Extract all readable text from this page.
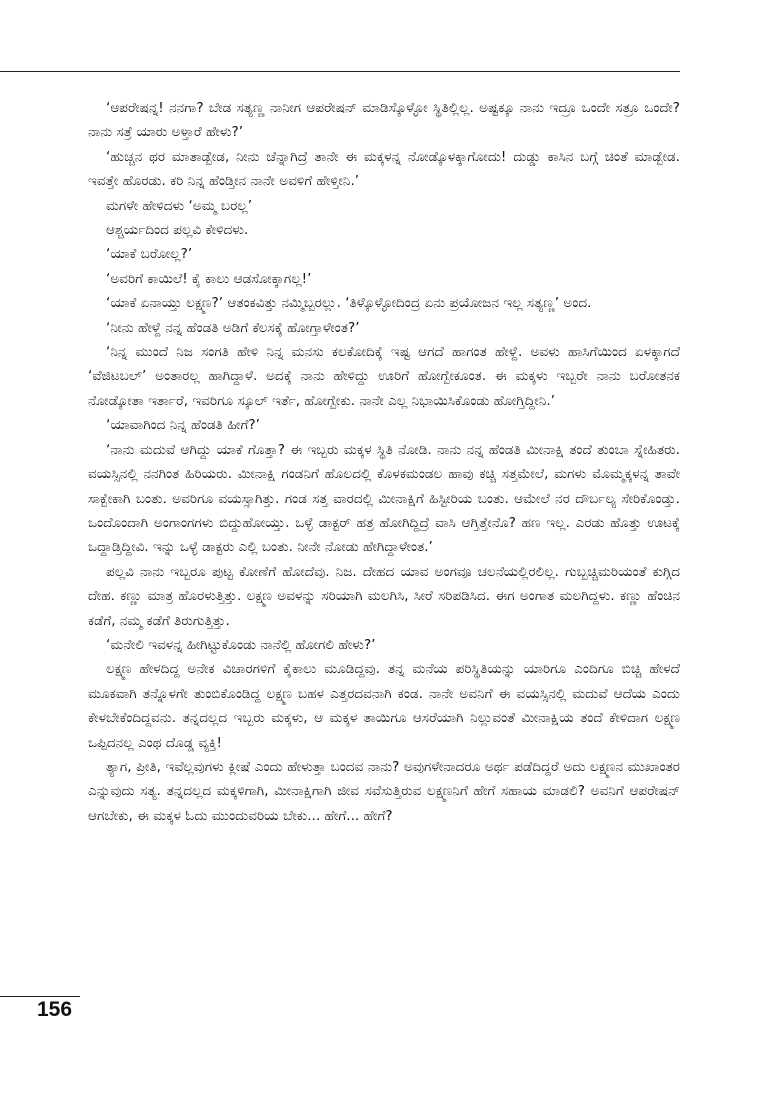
‘ಆಪರೇಷನ್ನ! ನನಗಾ? ಬೇಡ ಸತ್ಯಣ್ಣ ನಾನೀಗ ಆಪರೇಷನ್ ಮಾಡಿಸ್ಕೊಳ್ಳೋ ಸ್ಥಿತಿಲ್ಲಿಲ್ಲ. ಅಷ್ಟಕ್ಕೂ ನಾನು ಇದ್ರೂ ಒಂದೇ ಸತ್ರೂ ಒಂದೇ? ನಾನು ಸತ್ರೆ ಯಾರು ಅಳ್ತಾರೆ ಹೇಳು?’

‘ಹುಚ್ಚನ ಥರ ಮಾತಾಡ್ಬೇಡ, ನೀನು ಚೆನ್ನಾಗಿದ್ರೆ ತಾನೇ ಈ ಮಕ್ಕಳನ್ನ ನೋಡ್ಕೊಳಕ್ಕಾಗೋದು! ದುಡ್ಡು ಕಾಸಿನ ಬಗ್ಗೆ ಚಿಂತೆ ಮಾಡ್ಬೇಡ. ಇವತ್ತೇ ಹೊರಡು. ಕರಿ ನಿನ್ನ ಹೆಂಡ್ತೀನ ನಾನೇ ಅವಳಿಗೆ ಹೇಳ್ತೀನಿ.’

ಮಗಳೇ ಹೇಳಿದಳು ‘ಅಮ್ಮ ಬರಲ್ಲ’

ಆಶ್ಚರ್ಯದಿಂದ ಪಲ್ಲವಿ ಕೇಳಿದಳು.

‘ಯಾಕೆ ಬರೋಲ್ಲ?’

‘ಅವರಿಗೆ ಕಾಯಿಲೆ! ಕೈ ಕಾಲು ಆಡಸೋಕ್ಕಾಗಲ್ಲ!’

‘ಯಾಕೆ ಏನಾಯ್ತು ಲಕ್ಷ್ಮಣ?’ ಆತಂಕವಿತ್ತು ನಮ್ಮಿಬ್ಬರಲ್ಲು. ‘ತಿಳ್ಕೊಳ್ಳೋದಿಂದ್ರ ಏನು ಪ್ರಯೋಜನ ಇಲ್ಲ ಸತ್ಯಣ್ಣ’ ಅಂದ.

‘ನೀನು ಹೇಳ್ದೆ ನನ್ನ ಹೆಂಡತಿ ಅಡಿಗೆ ಕೆಲಸಕ್ಕೆ ಹೋಗ್ತಾಳೇಂತ?’

‘ನಿನ್ನ ಮುಂದೆ ನಿಜ ಸಂಗತಿ ಹೇಳಿ ನಿನ್ನ ಮನಸು ಕಲಕೋದಿಕ್ಕೆ ಇಷ್ಟ ಆಗದೆ ಹಾಗಂತ ಹೇಳ್ದೆ. ಅವಳು ಹಾಸಿಗೆಯಿಂದ ಏಳಕ್ಕಾಗದೆ ‘ವೆಜಿಟಬಲ್’ ಅಂತಾರಲ್ಲ ಹಾಗಿದ್ದಾಳೆ. ಅದಕ್ಕೆ ನಾನು ಹೇಳಿದ್ದು ಊರಿಗೆ ಹೋಗ್ಬೇಕೂಂತ. ಈ ಮಕ್ಕಳು ಇಬ್ಬರೇ ನಾನು ಬರೋತನಕ ನೋಡ್ಕೋತಾ ಇರ್ತಾರೆ, ಇವರಿಗೂ ಸ್ಕೂಲ್ ಇರ್ತೆ, ಹೋಗ್ಬೇಕು. ನಾನೇ ಎಲ್ಲ ನಿಭಾಯಿಸಿಕೊಂಡು ಹೋಗ್ತಿದ್ದೀನಿ.’

‘ಯಾವಾಗಿಂದ ನಿನ್ನ ಹೆಂಡತಿ ಹೀಗೆ?’

‘ನಾನು ಮದುವೆ ಆಗಿದ್ದು ಯಾಕೆ ಗೊತ್ತಾ? ಈ ಇಬ್ಬರು ಮಕ್ಕಳ ಸ್ಥಿತಿ ನೋಡಿ. ನಾನು ನನ್ನ ಹೆಂಡತಿ ಮೀನಾಕ್ಷಿ ತಂದೆ ತುಂಬಾ ಸ್ನೇಹಿತರು. ವಯಸ್ಸಿನಲ್ಲಿ ನನಗಿಂತ ಹಿರಿಯರು. ಮೀನಾಕ್ಷಿ ಗಂಡನಿಗೆ ಹೊಲದಲ್ಲಿ ಕೊಳಕಮಂಡಲ ಹಾವು ಕಚ್ಚಿ ಸತ್ತಮೇಲೆ, ಮಗಳು ಮೊಮ್ಮಕ್ಕಳನ್ನ ತಾವೇ ಸಾಕ್ಬೇಕಾಗಿ ಬಂತು. ಅವರಿಗೂ ವಯಸ್ಸಾಗಿತ್ತು. ಗಂಡ ಸತ್ತ ವಾರದಲ್ಲಿ ಮೀನಾಕ್ಷಿಗೆ ಹಿಸ್ಟೀರಿಯ ಬಂತು. ಆಮೇಲೆ ನರ ದೌರ್ಬಲ್ಯ ಸೇರಿಕೊಂಡ್ತು. ಒಂದೊಂದಾಗಿ ಅಂಗಾಂಗಗಳು ಬಿದ್ದುಹೋಯ್ತು. ಒಳ್ಳೆ ಡಾಕ್ಟರ್ ಹತ್ರ ಹೋಗಿದ್ದಿದ್ರೆ ವಾಸಿ ಆಗ್ತಿತ್ತೇನೊ? ಹಣ ಇಲ್ಲ. ಎರಡು ಹೊತ್ತು ಊಟಕ್ಕೆ ಒದ್ದಾಡ್ತಿದ್ದೀವಿ. ಇನ್ನು ಒಳ್ಳೆ ಡಾಕ್ಟರು ಎಲ್ಲಿ ಬಂತು. ನೀನೇ ನೋಡು ಹೇಗಿದ್ದಾಳೇಂತ.’

ಪಲ್ಲವಿ ನಾನು ಇಬ್ಬರೂ ಪುಟ್ಟ ಕೋಣೆಗೆ ಹೋದೆವು. ನಿಜ. ದೇಹದ ಯಾವ ಅಂಗವೂ ಚಲನೆಯಲ್ಲಿರಲಿಲ್ಲ. ಗುಬ್ಬಚ್ಚಿಮರಿಯಂತೆ ಕುಗ್ಗಿದ ದೇಹ. ಕಣ್ಣು ಮಾತ್ರ ಹೊರಳುತ್ತಿತ್ತು. ಲಕ್ಷ್ಮಣ ಅವಳನ್ನು ಸರಿಯಾಗಿ ಮಲಗಿಸಿ, ಸೀರೆ ಸರಿಪಡಿಸಿದ. ಈಗ ಅಂಗಾತ ಮಲಗಿದ್ದಳು. ಕಣ್ಣು ಹೆಂಚಿನ ಕಡೆಗೆ, ನಮ್ಮ ಕಡೆಗೆ ತಿರುಗುತ್ತಿತ್ತು.

‘ಮನೇಲಿ ಇವಳನ್ನ ಹೀಗಿಟ್ಟುಕೊಂಡು ನಾನೆಲ್ಲಿ ಹೋಗಲಿ ಹೇಳು?’

ಲಕ್ಷ್ಮಣ ಹೇಳದಿದ್ದ ಅನೇಕ ವಿಚಾರಗಳಿಗೆ ಕೈಕಾಲು ಮೂಡಿದ್ದವು. ತನ್ನ ಮನೆಯ ಪರಿಸ್ಥಿತಿಯನ್ನು ಯಾರಿಗೂ ಎಂದಿಗೂ ಬಿಚ್ಚಿ ಹೇಳದೆ ಮೂಕವಾಗಿ ತನ್ನೊಳಗೇ ತುಂಬಿಕೊಂಡಿದ್ದ ಲಕ್ಷ್ಮಣ ಬಹಳ ಎತ್ತರದವನಾಗಿ ಕಂಡ. ನಾನೇ ಅವನಿಗೆ ಈ ವಯಸ್ಸಿನಲ್ಲಿ ಮದುವೆ ಆದೆಯ ಎಂದು ಕೇಳಬೇಕೆಂದಿದ್ದವನು. ತನ್ನದಲ್ಲದ ಇಬ್ಬರು ಮಕ್ಕಳು, ಆ ಮಕ್ಕಳ ತಾಯಿಗೂ ಆಸರೆಯಾಗಿ ನಿಲ್ಲುವಂತೆ ಮೀನಾಕ್ಷಿಯ ತಂದೆ ಕೇಳಿದಾಗ ಲಕ್ಷ್ಮಣ ಒಪ್ಪಿದನಲ್ಲ ಎಂಥ ದೊಡ್ಡ ವ್ಯಕ್ತಿ!

ತ್ಯಾಗ, ಪ್ರೀತಿ, ಇವೆಲ್ಲವುಗಳು ಕ್ಲೀಷೆ ಎಂದು ಹೇಳುತ್ತಾ ಬಂದವ ನಾನು? ಅವುಗಳೇನಾದರೂ ಅರ್ಥ ಪಡೆದಿದ್ದರೆ ಅದು ಲಕ್ಷ್ಮಣನ ಮುಖಾಂತರ ಎನ್ನುವುದು ಸತ್ಯ. ತನ್ನದಲ್ಲದ ಮಕ್ಕಳಿಗಾಗಿ, ಮೀನಾಕ್ಷಿಗಾಗಿ ಜೀವ ಸವೆಸುತ್ತಿರುವ ಲಕ್ಷ್ಮಣನಿಗೆ ಹೇಗೆ ಸಹಾಯ ಮಾಡಲಿ? ಅವನಿಗೆ ಆಪರೇಷನ್ ಆಗಬೇಕು, ಈ ಮಕ್ಕಳ ಓದು ಮುಂದುವರಿಯ ಬೇಕು... ಹೇಗೆ... ಹೇಗೆ?

156
